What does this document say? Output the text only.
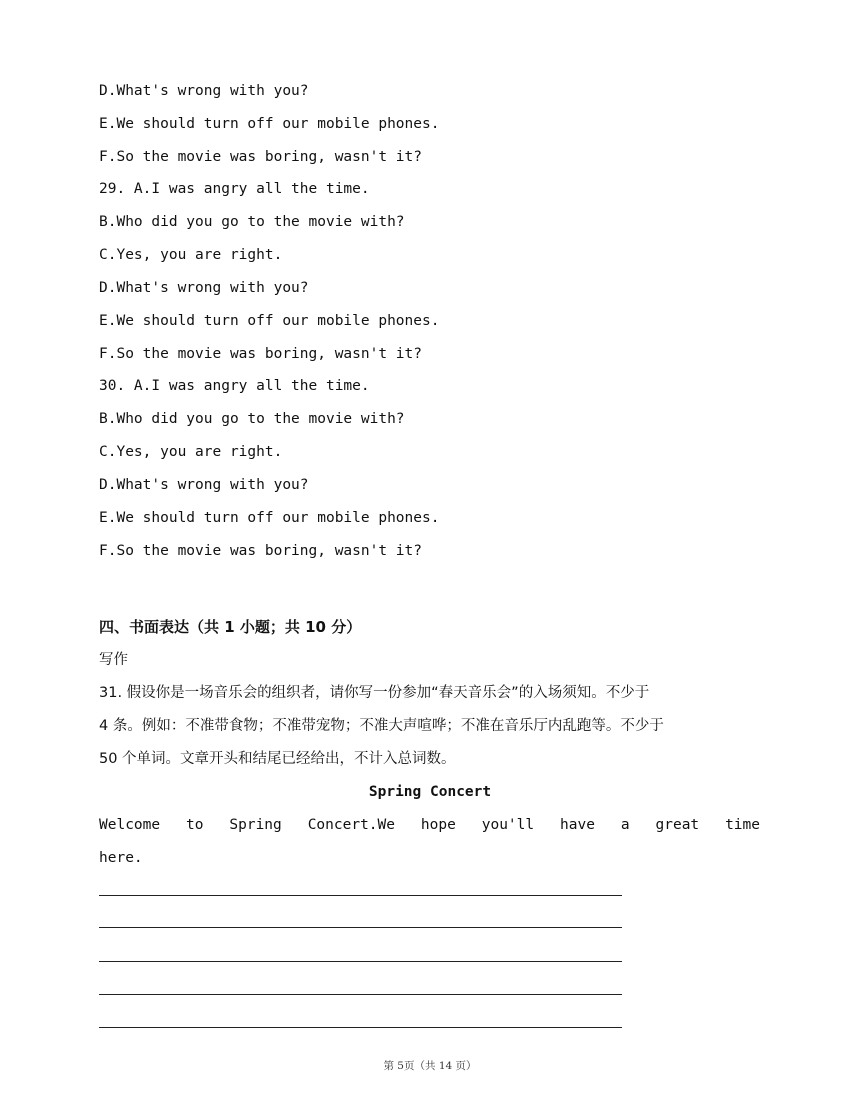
D.What's wrong with you?
E.We should turn off our mobile phones.
F.So the movie was boring, wasn't it?
29. A.I was angry all the time.
B.Who did you go to the movie with?
C.Yes, you are right.
D.What's wrong with you?
E.We should turn off our mobile phones.
F.So the movie was boring, wasn't it?
30. A.I was angry all the time.
B.Who did you go to the movie with?
C.Yes, you are right.
D.What's wrong with you?
E.We should turn off our mobile phones.
F.So the movie was boring, wasn't it?
四、书面表达（共 1 小题；共 10 分）
写作
31. 假设你是一场音乐会的组织者，请你写一份参加“春天音乐会”的入场须知。不少于
4 条。例如：不准带食物；不准带宠物；不准大声喧哗；不准在音乐厅内乱跑等。不少于
50 个单词。文章开头和结尾已经给出，不计入总词数。
Spring Concert
Welcome to Spring Concert.We hope you'll have a great time
here.
第 5页（共 14 页）
